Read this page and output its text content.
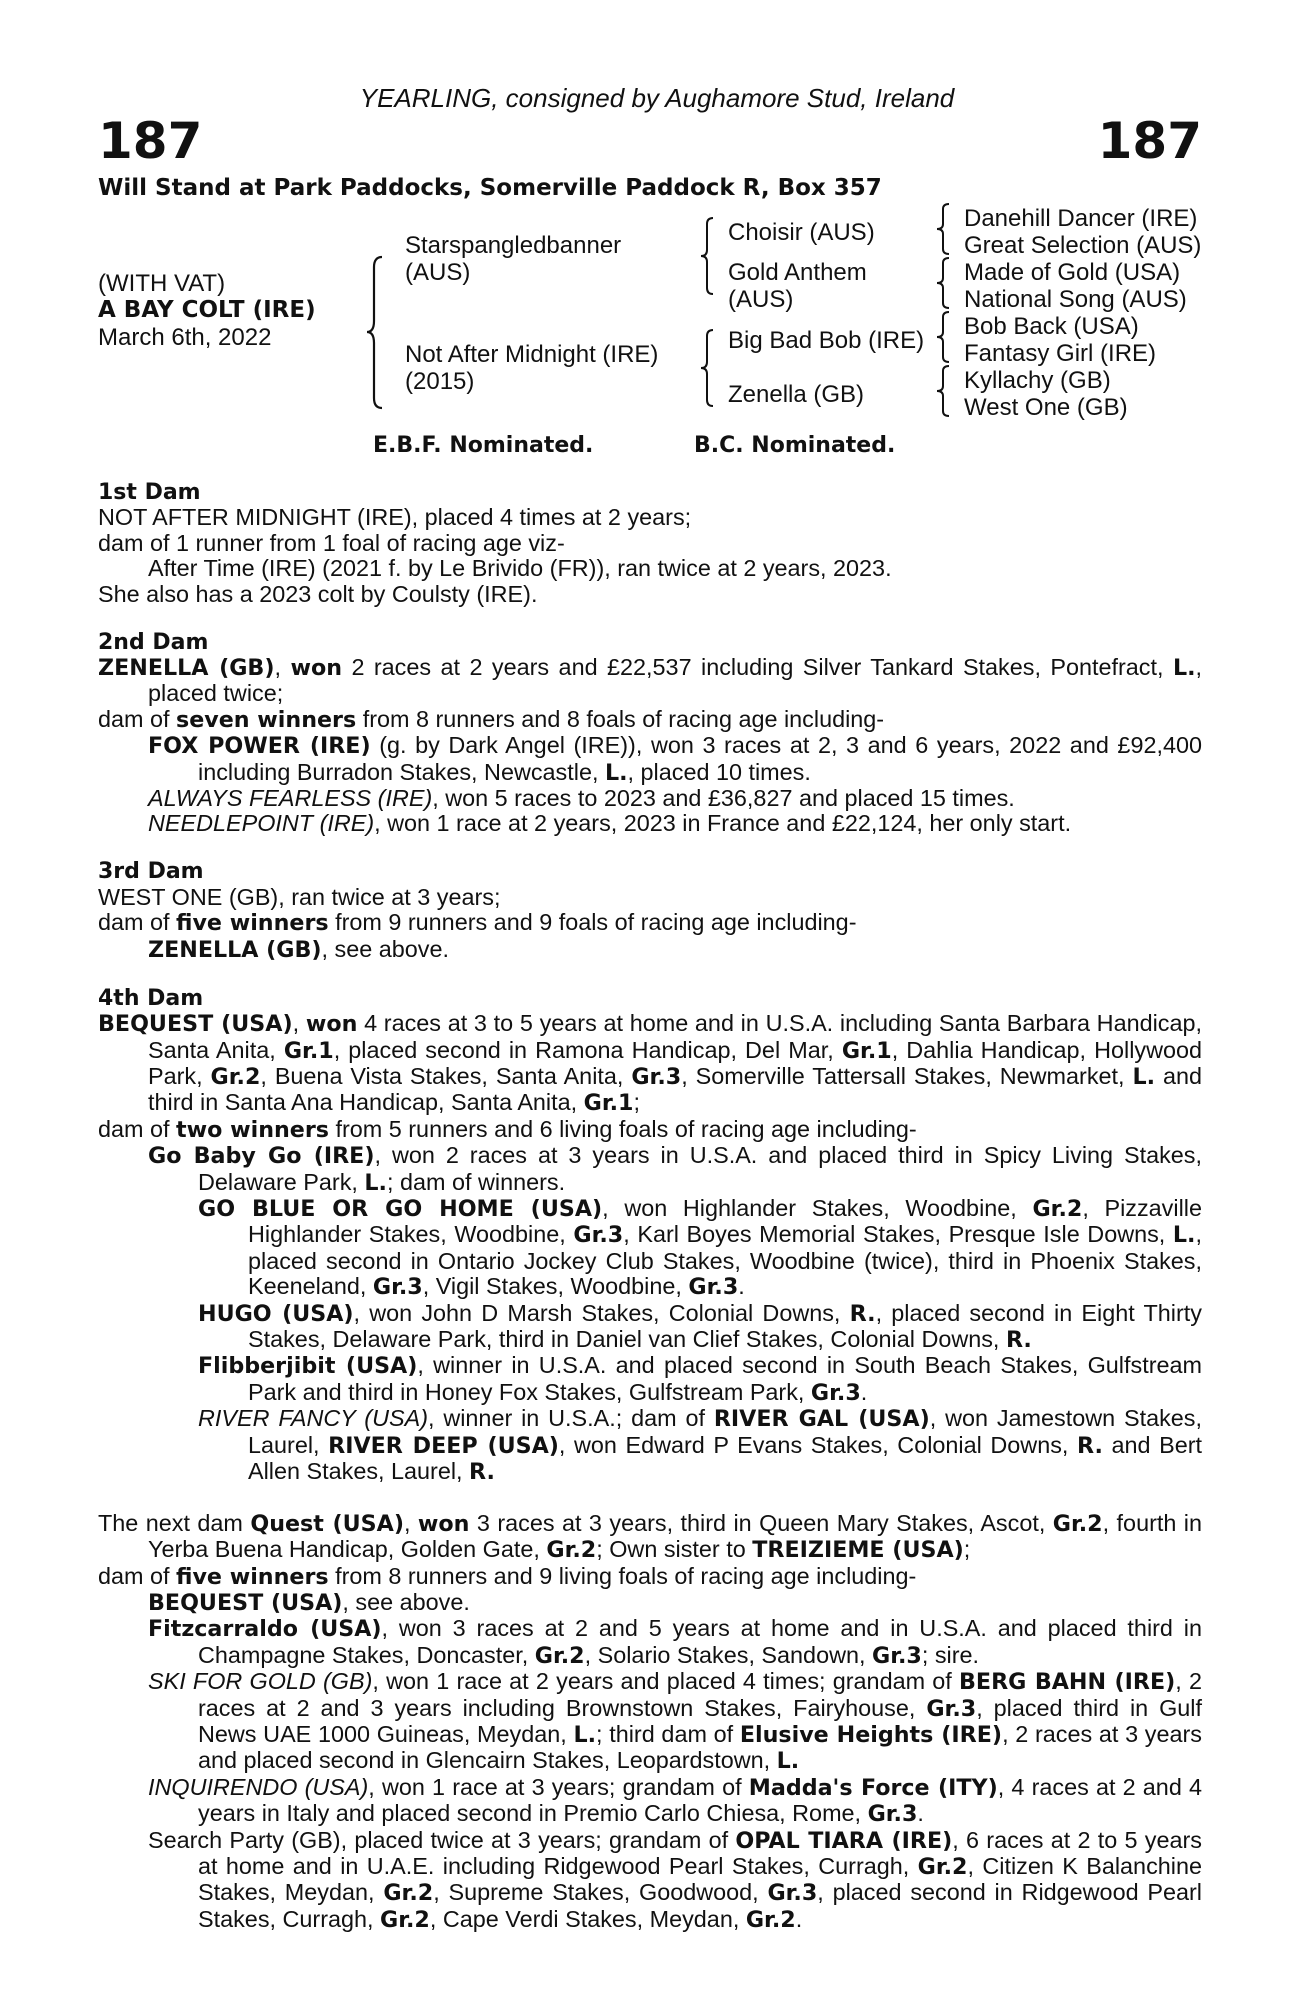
YEARLING, consigned by Aughamore Stud, Ireland
187	187
Will Stand at Park Paddocks, Somerville Paddock R, Box 357
(WITH VAT)
A BAY COLT (IRE)
March 6th, 2022
Starspangledbanner
(AUS)
Not After Midnight (IRE)
(2015)
Choisir (AUS)
Gold Anthem
(AUS)
Big Bad Bob (IRE)
Zenella (GB)
Danehill Dancer (IRE)
Great Selection (AUS)
Made of Gold (USA)
National Song (AUS)
Bob Back (USA)
Fantasy Girl (IRE)
Kyllachy (GB)
West One (GB)
E.B.F. Nominated.	B.C. Nominated.
1st Dam
NOT AFTER MIDNIGHT (IRE), placed 4 times at 2 years;
dam of 1 runner from 1 foal of racing age viz-
After Time (IRE) (2021 f. by Le Brivido (FR)), ran twice at 2 years, 2023.
She also has a 2023 colt by Coulsty (IRE).
2nd Dam
ZENELLA (GB), won 2 races at 2 years and £22,537 including Silver Tankard Stakes, Pontefract, L., placed twice;
dam of seven winners from 8 runners and 8 foals of racing age including-
FOX POWER (IRE) (g. by Dark Angel (IRE)), won 3 races at 2, 3 and 6 years, 2022 and £92,400 including Burradon Stakes, Newcastle, L., placed 10 times.
ALWAYS FEARLESS (IRE), won 5 races to 2023 and £36,827 and placed 15 times.
NEEDLEPOINT (IRE), won 1 race at 2 years, 2023 in France and £22,124, her only start.
3rd Dam
WEST ONE (GB), ran twice at 3 years;
dam of five winners from 9 runners and 9 foals of racing age including-
ZENELLA (GB), see above.
4th Dam
BEQUEST (USA), won 4 races at 3 to 5 years at home and in U.S.A. including Santa Barbara Handicap, Santa Anita, Gr.1, placed second in Ramona Handicap, Del Mar, Gr.1, Dahlia Handicap, Hollywood Park, Gr.2, Buena Vista Stakes, Santa Anita, Gr.3, Somerville Tattersall Stakes, Newmarket, L. and third in Santa Ana Handicap, Santa Anita, Gr.1;
dam of two winners from 5 runners and 6 living foals of racing age including-
Go Baby Go (IRE), won 2 races at 3 years in U.S.A. and placed third in Spicy Living Stakes, Delaware Park, L.; dam of winners.
GO BLUE OR GO HOME (USA), won Highlander Stakes, Woodbine, Gr.2, Pizzaville Highlander Stakes, Woodbine, Gr.3, Karl Boyes Memorial Stakes, Presque Isle Downs, L., placed second in Ontario Jockey Club Stakes, Woodbine (twice), third in Phoenix Stakes, Keeneland, Gr.3, Vigil Stakes, Woodbine, Gr.3.
HUGO (USA), won John D Marsh Stakes, Colonial Downs, R., placed second in Eight Thirty Stakes, Delaware Park, third in Daniel van Clief Stakes, Colonial Downs, R.
Flibberjibit (USA), winner in U.S.A. and placed second in South Beach Stakes, Gulfstream Park and third in Honey Fox Stakes, Gulfstream Park, Gr.3.
RIVER FANCY (USA), winner in U.S.A.; dam of RIVER GAL (USA), won Jamestown Stakes, Laurel, RIVER DEEP (USA), won Edward P Evans Stakes, Colonial Downs, R. and Bert Allen Stakes, Laurel, R.
The next dam Quest (USA), won 3 races at 3 years, third in Queen Mary Stakes, Ascot, Gr.2, fourth in Yerba Buena Handicap, Golden Gate, Gr.2; Own sister to TREIZIEME (USA);
dam of five winners from 8 runners and 9 living foals of racing age including-
BEQUEST (USA), see above.
Fitzcarraldo (USA), won 3 races at 2 and 5 years at home and in U.S.A. and placed third in Champagne Stakes, Doncaster, Gr.2, Solario Stakes, Sandown, Gr.3; sire.
SKI FOR GOLD (GB), won 1 race at 2 years and placed 4 times; grandam of BERG BAHN (IRE), 2 races at 2 and 3 years including Brownstown Stakes, Fairyhouse, Gr.3, placed third in Gulf News UAE 1000 Guineas, Meydan, L.; third dam of Elusive Heights (IRE), 2 races at 3 years and placed second in Glencairn Stakes, Leopardstown, L.
INQUIRENDO (USA), won 1 race at 3 years; grandam of Madda's Force (ITY), 4 races at 2 and 4 years in Italy and placed second in Premio Carlo Chiesa, Rome, Gr.3.
Search Party (GB), placed twice at 3 years; grandam of OPAL TIARA (IRE), 6 races at 2 to 5 years at home and in U.A.E. including Ridgewood Pearl Stakes, Curragh, Gr.2, Citizen K Balanchine Stakes, Meydan, Gr.2, Supreme Stakes, Goodwood, Gr.3, placed second in Ridgewood Pearl Stakes, Curragh, Gr.2, Cape Verdi Stakes, Meydan, Gr.2.
